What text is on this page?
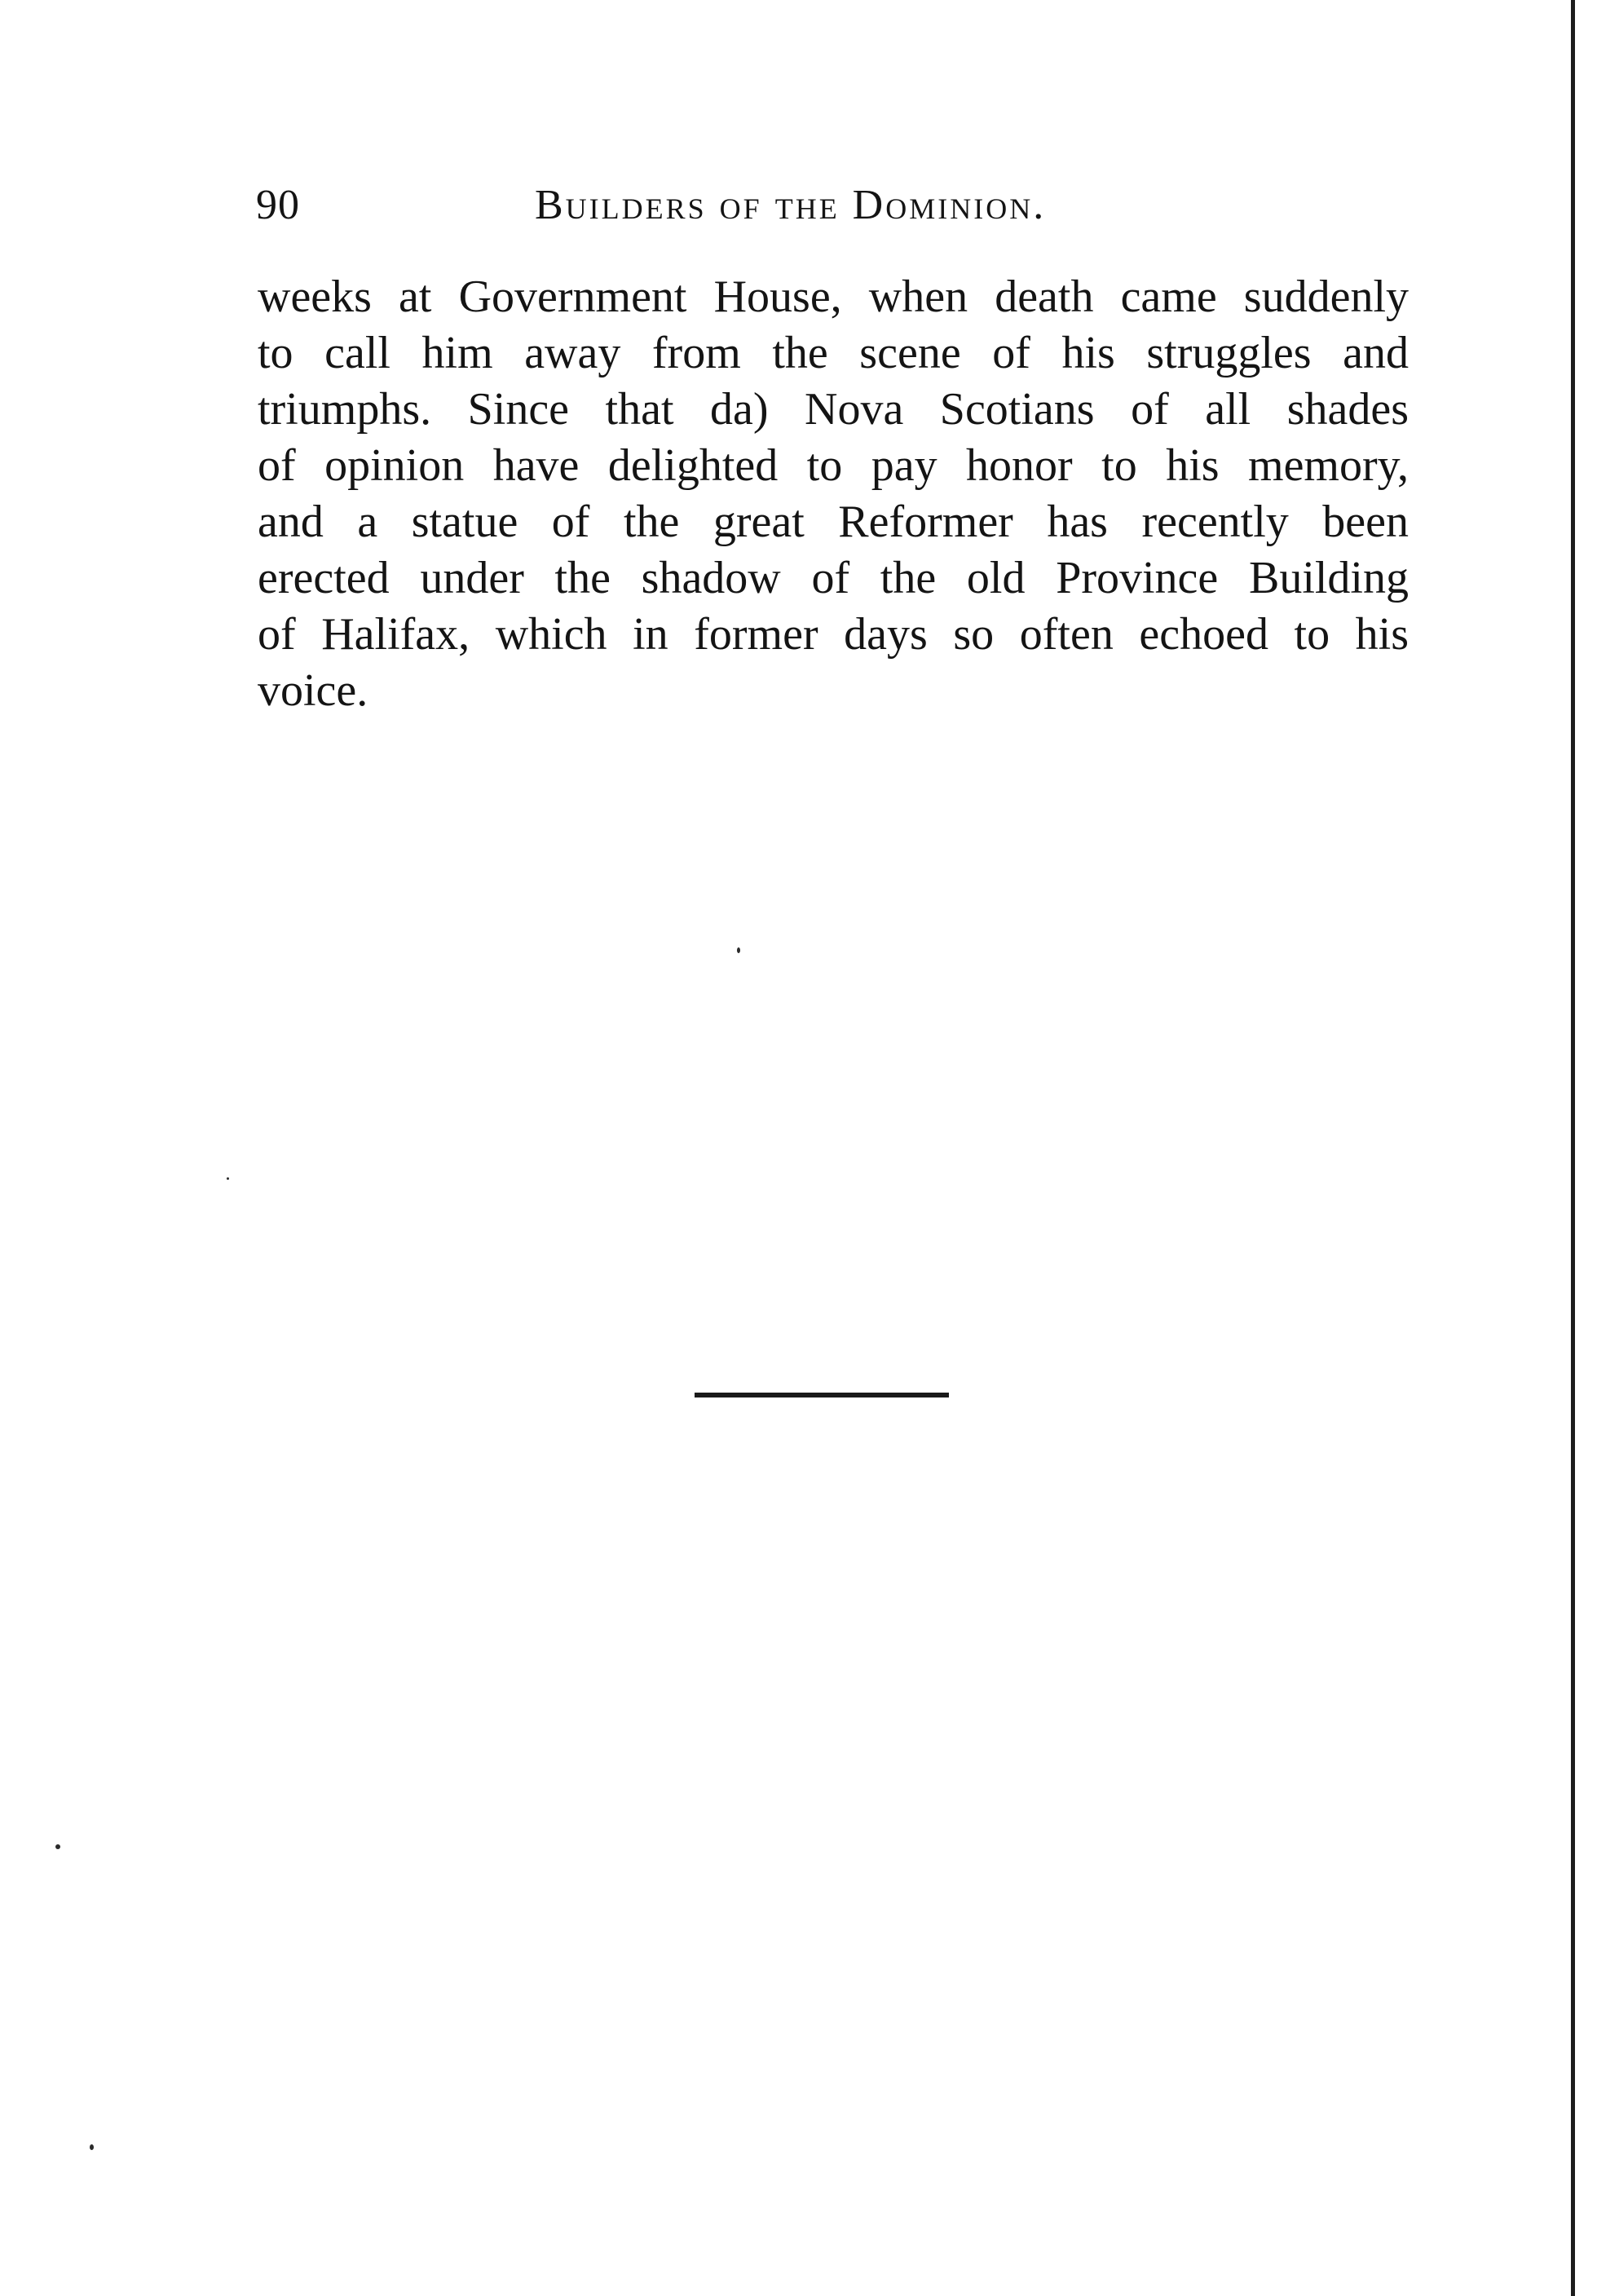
90	Builders of the Dominion.
weeks at Government House, when death came suddenly
to call him away from the scene of his struggles and
triumphs. Since that da) Nova Scotians of all shades
of opinion have delighted to pay honor to his memory,
and a statue of the great Reformer has recently been
erected under the shadow of the old Province Building
of Halifax, which in former days so often echoed to his
voice.
